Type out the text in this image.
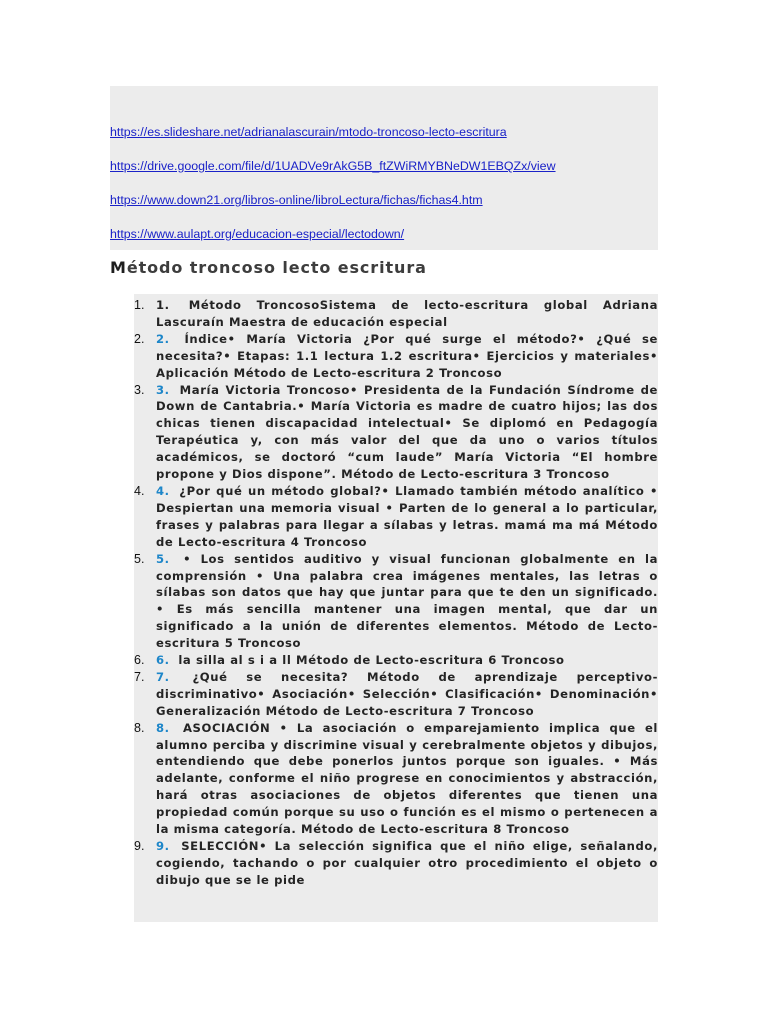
https://es.slideshare.net/adrianalascurain/mtodo-troncoso-lecto-escritura
https://drive.google.com/file/d/1UADVe9rAkG5B_ftZWiRMYBNeDW1EBQZx/view
https://www.down21.org/libros-online/libroLectura/fichas/fichas4.htm
https://www.aulapt.org/educacion-especial/lectodown/
Método troncoso lecto escritura
1. 1. Método TroncosoSistema de lecto-escritura global Adriana Lascuraín Maestra de educación especial
2. 2. Índice• María Victoria ¿Por qué surge el método?• ¿Qué se necesita?• Etapas: 1.1 lectura 1.2 escritura• Ejercicios y materiales• Aplicación Método de Lecto-escritura 2 Troncoso
3. 3. María Victoria Troncoso• Presidenta de la Fundación Síndrome de Down de Cantabria.• María Victoria es madre de cuatro hijos; las dos chicas tienen discapacidad intelectual• Se diplomó en Pedagogía Terapéutica y, con más valor del que da uno o varios títulos académicos, se doctoró “cum laude” María Victoria “El hombre propone y Dios dispone”. Método de Lecto-escritura 3 Troncoso
4. 4. ¿Por qué un método global?• Llamado también método analítico • Despiertan una memoria visual • Parten de lo general a lo particular, frases y palabras para llegar a sílabas y letras. mamá ma má Método de Lecto-escritura 4 Troncoso
5. 5. • Los sentidos auditivo y visual funcionan globalmente en la comprensión • Una palabra crea imágenes mentales, las letras o sílabas son datos que hay que juntar para que te den un significado. • Es más sencilla mantener una imagen mental, que dar un significado a la unión de diferentes elementos. Método de Lecto-escritura 5 Troncoso
6. 6. la silla al s i a ll Método de Lecto-escritura 6 Troncoso
7. 7. ¿Qué se necesita? Método de aprendizaje perceptivo-discriminativo• Asociación• Selección• Clasificación• Denominación• Generalización Método de Lecto-escritura 7 Troncoso
8. 8. ASOCIACIÓN • La asociación o emparejamiento implica que el alumno perciba y discrimine visual y cerebralmente objetos y dibujos, entendiendo que debe ponerlos juntos porque son iguales. • Más adelante, conforme el niño progrese en conocimientos y abstracción, hará otras asociaciones de objetos diferentes que tienen una propiedad común porque su uso o función es el mismo o pertenecen a la misma categoría. Método de Lecto-escritura 8 Troncoso
9. 9. SELECCIÓN• La selección significa que el niño elige, señalando, cogiendo, tachando o por cualquier otro procedimiento el objeto o dibujo que se le pide
